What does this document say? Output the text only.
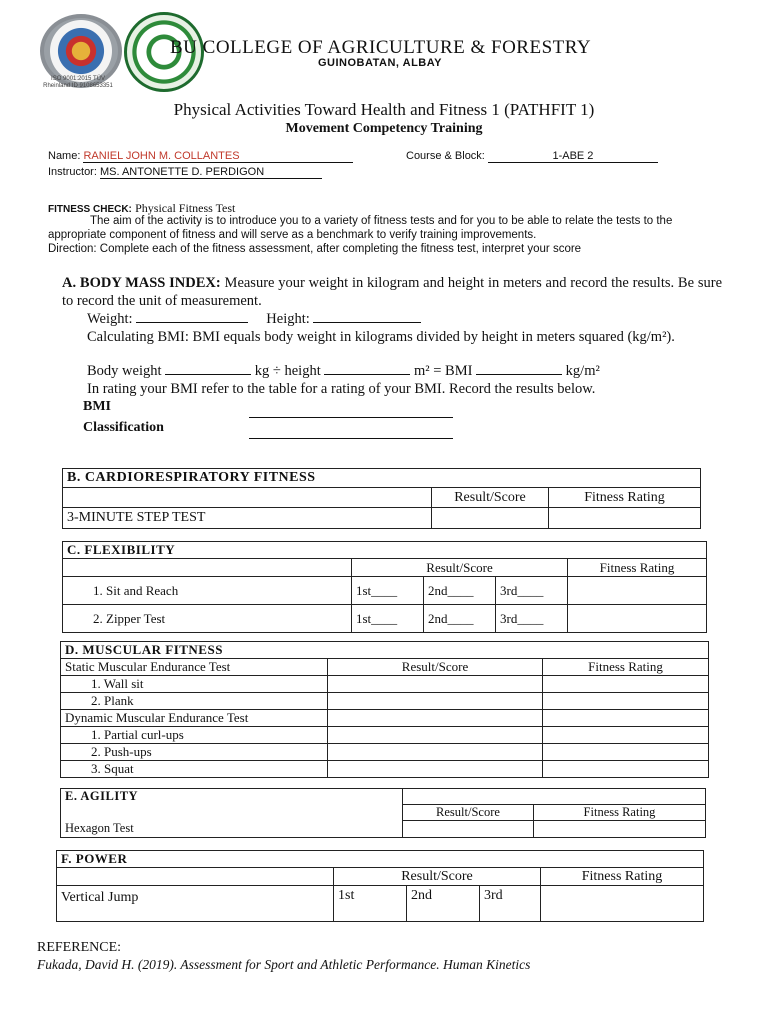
ISO 9001:2015 TÜV Rheinland ID 9108653351
BU COLLEGE OF AGRICULTURE & FORESTRY
GUINOBATAN, ALBAY
Physical Activities Toward Health and Fitness 1 (PATHFIT 1)
Movement Competency Training
Name: RANIEL JOHN M. COLLANTES	Course & Block:	1-ABE 2
Instructor: MS. ANTONETTE D. PERDIGON
FITNESS CHECK: Physical Fitness Test
The aim of the activity is to introduce you to a variety of fitness tests and for you to be able to relate the tests to the appropriate component of fitness and will serve as a benchmark to verify training improvements.
Direction: Complete each of the fitness assessment, after completing the fitness test, interpret your score
A. BODY MASS INDEX: Measure your weight in kilogram and height in meters and record the results. Be sure to record the unit of measurement.
Weight:	Height:
Calculating BMI: BMI equals body weight in kilograms divided by height in meters squared (kg/m²).
Body weight	kg ÷ height	m² = BMI	kg/m²
In rating your BMI refer to the table for a rating of your BMI. Record the results below.
BMI
Classification
B. CARDIORESPIRATORY FITNESS		
	Result/Score	Fitness Rating
3-MINUTE STEP TEST		
C. FLEXIBILITY				
	Result/Score			Fitness Rating
1. Sit and Reach	1st____	2nd____	3rd____	
2. Zipper Test	1st____	2nd____	3rd____	
D. MUSCULAR FITNESS		
Static Muscular Endurance Test	Result/Score	Fitness Rating
1. Wall sit		
2. Plank		
Dynamic Muscular Endurance Test		
1. Partial curl-ups		
2. Push-ups		
3. Squat		
E. AGILITY		
	Result/Score	Fitness Rating
Hexagon Test		
F. POWER				
	Result/Score			Fitness Rating
Vertical Jump	1st	2nd	3rd	
REFERENCE:
Fukada, David H. (2019). Assessment for Sport and Athletic Performance. Human Kinetics
